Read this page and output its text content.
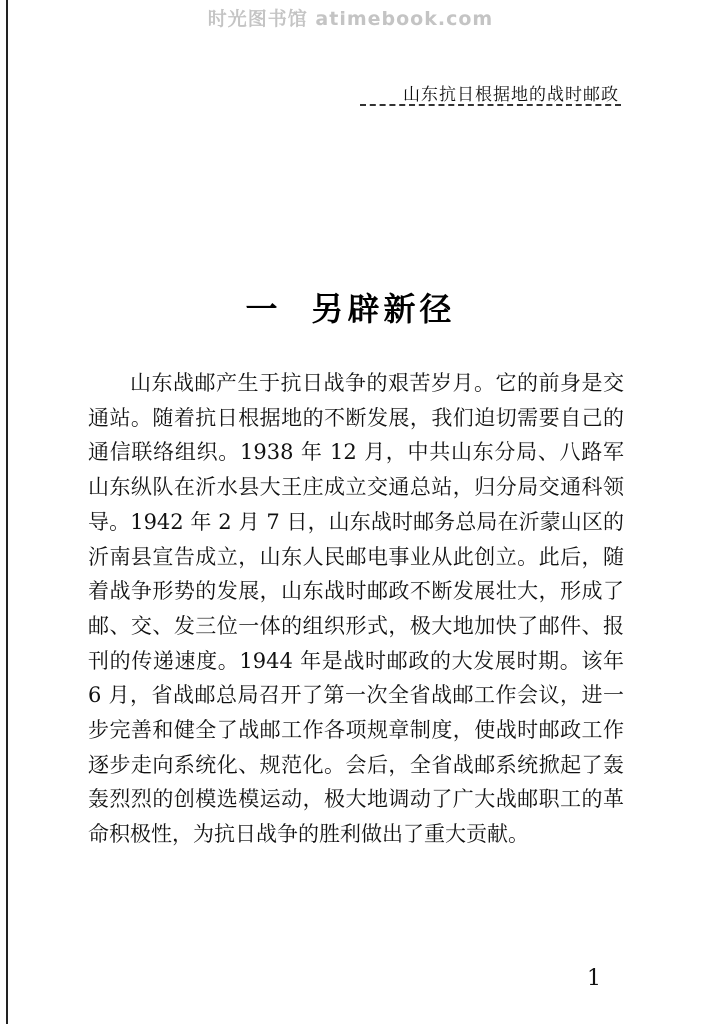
时光图书馆 atimebook.com
山东抗日根据地的战时邮政
一 另辟新径

山东战邮产生于抗日战争的艰苦岁月。它的前身是交通站。随着抗日根据地的不断发展，我们迫切需要自己的通信联络组织。1938 年 12 月，中共山东分局、八路军山东纵队在沂水县大王庄成立交通总站，归分局交通科领导。1942 年 2 月 7 日，山东战时邮务总局在沂蒙山区的沂南县宣告成立，山东人民邮电事业从此创立。此后，随着战争形势的发展，山东战时邮政不断发展壮大，形成了邮、交、发三位一体的组织形式，极大地加快了邮件、报刊的传递速度。1944 年是战时邮政的大发展时期。该年 6 月，省战邮总局召开了第一次全省战邮工作会议，进一步完善和健全了战邮工作各项规章制度，使战时邮政工作逐步走向系统化、规范化。会后，全省战邮系统掀起了轰轰烈烈的创模选模运动，极大地调动了广大战邮职工的革命积极性，为抗日战争的胜利做出了重大贡献。

1
